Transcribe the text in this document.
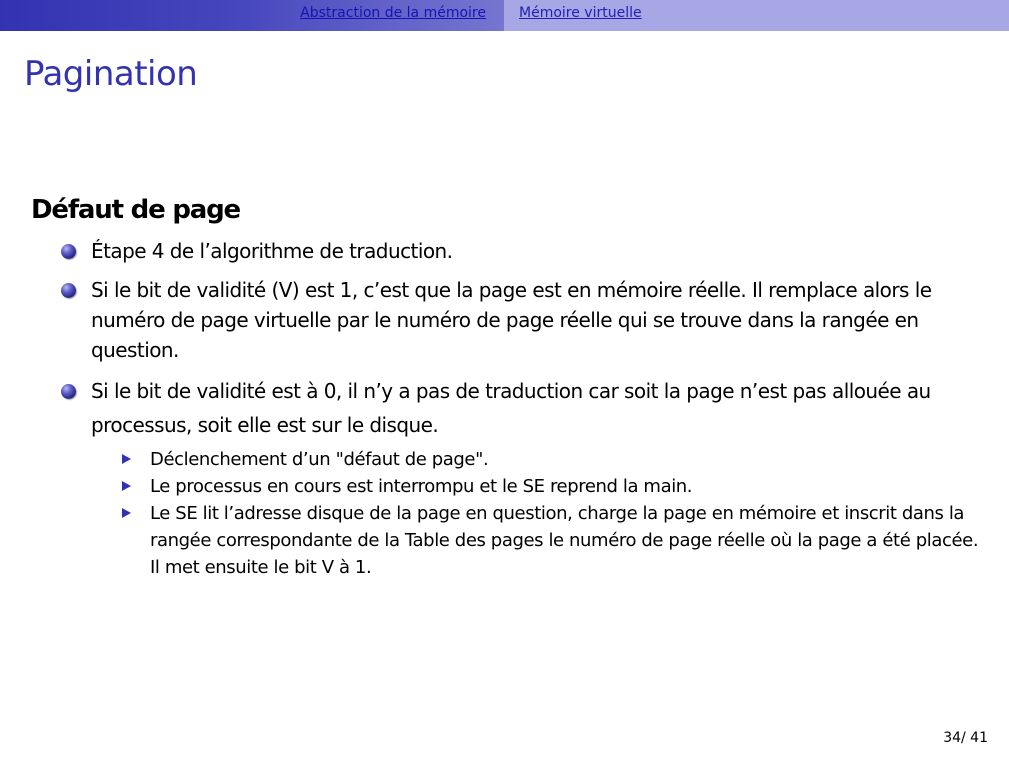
Abstraction de la mémoire Mémoire virtuelle
Pagination
Défaut de page
Étape 4 de l’algorithme de traduction.
Si le bit de validité (V) est 1, c’est que la page est en mémoire réelle. Il remplace alors le numéro de page virtuelle par le numéro de page réelle qui se trouve dans la rangée en question.
Si le bit de validité est à 0, il n’y a pas de traduction car soit la page n’est pas allouée au processus, soit elle est sur le disque.
Déclenchement d’un "défaut de page".
Le processus en cours est interrompu et le SE reprend la main.
Le SE lit l’adresse disque de la page en question, charge la page en mémoire et inscrit dans la rangée correspondante de la Table des pages le numéro de page réelle où la page a été placée. Il met ensuite le bit V à 1.
34/ 41
